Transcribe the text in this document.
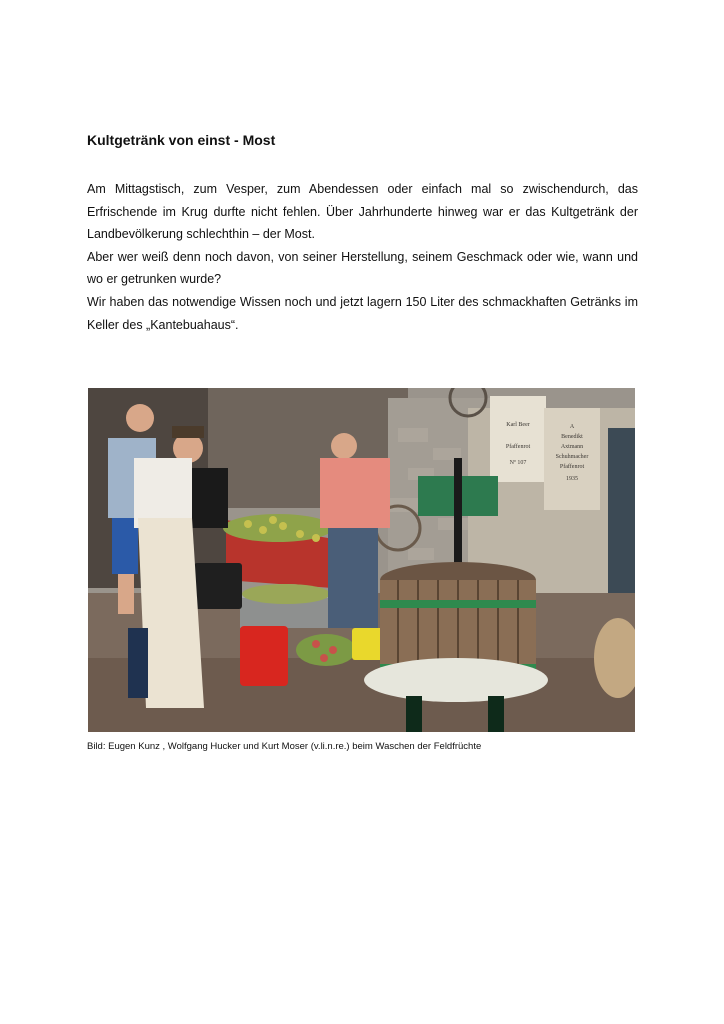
Kultgetränk von einst - Most

Am Mittagstisch, zum Vesper, zum Abendessen oder einfach mal so zwischendurch, das Erfrischende im Krug durfte nicht fehlen. Über Jahrhunderte hinweg war er das Kultgetränk der Landbevölkerung schlechthin – der Most.

Aber wer weiß denn noch davon, von seiner Herstellung, seinem Geschmack oder wie, wann und wo er getrunken wurde?

Wir haben das notwendige Wissen noch und jetzt lagern 150 Liter des schmackhaften Getränks im Keller des „Kantebuahaus“.

Karl Beer
Pfaffenrot
Nº 107
A
Benedikt
Axtmann
Schuhmacher
Pfaffenrot
1935
Bild: Eugen Kunz , Wolfgang Hucker und Kurt Moser (v.li.n.re.) beim Waschen der Feldfrüchte
